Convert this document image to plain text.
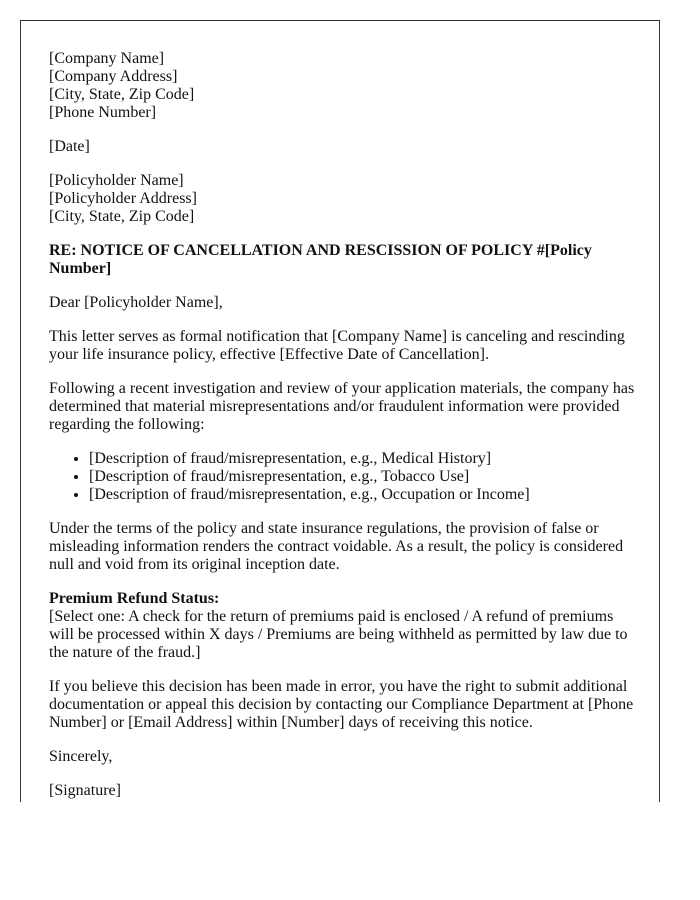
[Company Name]
[Company Address]
[City, State, Zip Code]
[Phone Number]

[Date]

[Policyholder Name]
[Policyholder Address]
[City, State, Zip Code]

RE: NOTICE OF CANCELLATION AND RESCISSION OF POLICY #[Policy Number]

Dear [Policyholder Name],

This letter serves as formal notification that [Company Name] is canceling and rescinding your life insurance policy, effective [Effective Date of Cancellation].

Following a recent investigation and review of your application materials, the company has determined that material misrepresentations and/or fraudulent information were provided regarding the following:

• [Description of fraud/misrepresentation, e.g., Medical History]
• [Description of fraud/misrepresentation, e.g., Tobacco Use]
• [Description of fraud/misrepresentation, e.g., Occupation or Income]

Under the terms of the policy and state insurance regulations, the provision of false or misleading information renders the contract voidable. As a result, the policy is considered null and void from its original inception date.

Premium Refund Status:
[Select one: A check for the return of premiums paid is enclosed / A refund of premiums will be processed within X days / Premiums are being withheld as permitted by law due to the nature of the fraud.]

If you believe this decision has been made in error, you have the right to submit additional documentation or appeal this decision by contacting our Compliance Department at [Phone Number] or [Email Address] within [Number] days of receiving this notice.

Sincerely,

[Signature]
